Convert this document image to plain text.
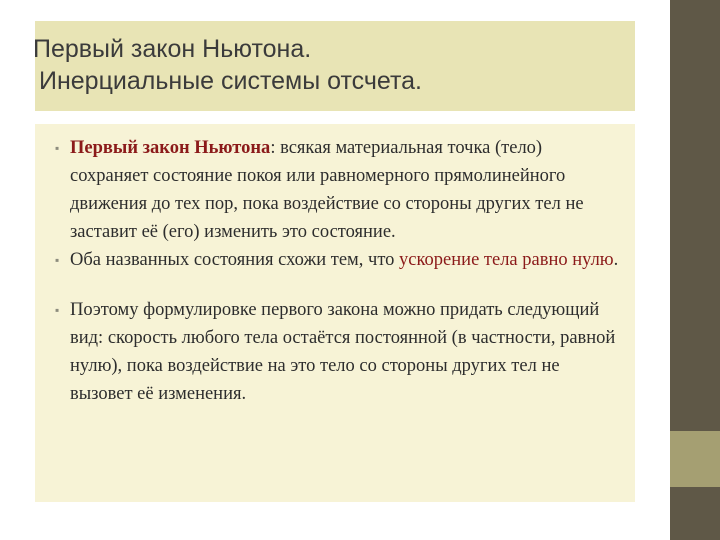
Первый закон Ньютона.
Инерциальные системы отсчета.
▪ Первый закон Ньютона: всякая материальная точка (тело) сохраняет состояние покоя или равномерного прямолинейного движения до тех пор, пока воздействие со стороны других тел не заставит её (его) изменить это состояние.
▪ Оба названных состояния схожи тем, что ускорение тела равно нулю.
▪ Поэтому формулировке первого закона можно придать следующий вид: скорость любого тела остаётся постоянной (в частности, равной нулю), пока воздействие на это тело со стороны других тел не вызовет её изменения.
